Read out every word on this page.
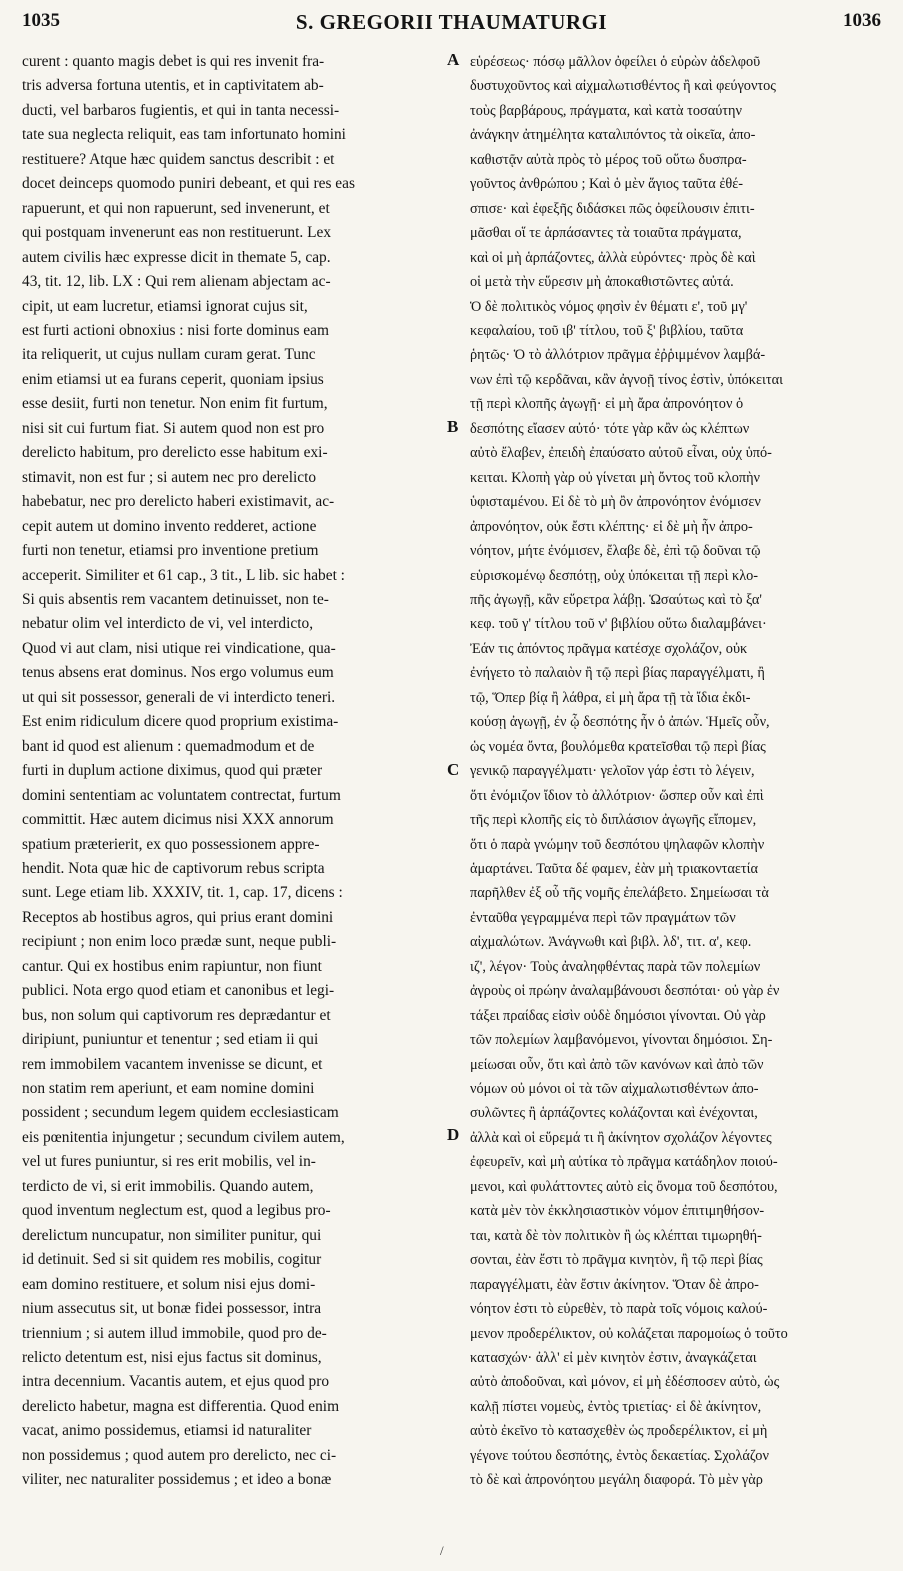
1035	S. GREGORII THAUMATURGI	1036
curent : quanto magis debet is qui res invenit fra-
tris adversa fortuna utentis, et in captivitatem ab-
ducti, vel barbaros fugientis, et qui in tanta necessi-
tate sua neglecta reliquit, eas tam infortunato homini
restituere? Atque hæc quidem sanctus describit : et
docet deinceps quomodo puniri debeant, et qui res eas
rapuerunt, et qui non rapuerunt, sed invenerunt, et
qui postquam invenerunt eas non restituerunt. Lex
autem civilis hæc expresse dicit in themate 5, cap.
43, tit. 12, lib. LX : Qui rem alienam abjectam ac-
cipit, ut eam lucretur, etiamsi ignorat cujus sit,
est furti actioni obnoxius : nisi forte dominus eam
ita reliquerit, ut cujus nullam curam gerat. Tunc
enim etiamsi ut ea furans ceperit, quoniam ipsius
esse desiit, furti non tenetur. Non enim fit furtum,
nisi sit cui furtum fiat. Si autem quod non est pro
derelicto habitum, pro derelicto esse habitum exi-
stimavit, non est fur ; si autem nec pro derelicto
habebatur, nec pro derelicto haberi existimavit, ac-
cepit autem ut domino invento redderet, actione
furti non tenetur, etiamsi pro inventione pretium
acceperit. Similiter et 61 cap., 3 tit., L lib. sic habet :
Si quis absentis rem vacantem detinuisset, non te-
nebatur olim vel interdicto de vi, vel interdicto,
Quod vi aut clam, nisi utique rei vindicatione, qua-
tenus absens erat dominus. Nos ergo volumus eum
ut qui sit possessor, generali de vi interdicto teneri.
Est enim ridiculum dicere quod proprium existima-
bant id quod est alienum : quemadmodum et de
furti in duplum actione diximus, quod qui præter
domini sententiam ac voluntatem contrectat, furtum
committit. Hæc autem dicimus nisi XXX annorum
spatium præterierit, ex quo possessionem appre-
hendit. Nota quæ hic de captivorum rebus scripta
sunt. Lege etiam lib. XXXIV, tit. 1, cap. 17, dicens :
Receptos ab hostibus agros, qui prius erant domini
recipiunt ; non enim loco prædæ sunt, neque publi-
cantur. Qui ex hostibus enim rapiuntur, non fiunt
publici. Nota ergo quod etiam et canonibus et legi-
bus, non solum qui captivorum res deprædantur et
diripiunt, puniuntur et tenentur ; sed etiam ii qui
rem immobilem vacantem invenisse se dicunt, et
non statim rem aperiunt, et eam nomine domini
possident ; secundum legem quidem ecclesiasticam
eis pœnitentia injungetur ; secundum civilem autem,
vel ut fures puniuntur, si res erit mobilis, vel in-
terdicto de vi, si erit immobilis. Quando autem,
quod inventum neglectum est, quod a legibus pro-
derelictum nuncupatur, non similiter punitur, qui
id detinuit. Sed si sit quidem res mobilis, cogitur
eam domino restituere, et solum nisi ejus domi-
nium assecutus sit, ut bonæ fidei possessor, intra
triennium ; si autem illud immobile, quod pro de-
relicto detentum est, nisi ejus factus sit dominus,
intra decennium. Vacantis autem, et ejus quod pro
derelicto habetur, magna est differentia. Quod enim
vacat, animo possidemus, etiamsi id naturaliter
non possidemus ; quod autem pro derelicto, nec ci-
viliter, nec naturaliter possidemus ; et ideo a bonæ
εὑρέσεως· πόσῳ μᾶλλον ὀφείλει ὁ εὑρὼν ἀδελφοῦ
δυστυχοῦντος καὶ αἰχμαλωτισθέντος ἢ καὶ φεύγοντος
τοὺς βαρβάρους, πράγματα, καὶ κατὰ τοσαύτην
ἀνάγκην ἀτημέλητα καταλιπόντος τὰ οἰκεῖα, ἀπο-
καθιστᾷν αὐτὰ πρὸς τὸ μέρος τοῦ οὕτω δυσπρα-
γοῦντος ἀνθρώπου ; Καὶ ὁ μὲν ἅγιος ταῦτα ἐθέ-
σπισε· καὶ ἐφεξῆς διδάσκει πῶς ὀφείλουσιν ἐπιτι-
μᾶσθαι οἵ τε ἁρπάσαντες τὰ τοιαῦτα πράγματα,
καὶ οἱ μὴ ἁρπάζοντες, ἀλλὰ εὑρόντες· πρὸς δὲ καὶ
οἱ μετὰ τὴν εὕρεσιν μὴ ἀποκαθιστῶντες αὐτά.
Ὁ δὲ πολιτικὸς νόμος φησὶν ἐν θέματι ε', τοῦ μγ'
κεφαλαίου, τοῦ ιβ' τίτλου, τοῦ ξ' βιβλίου, ταῦτα
ῥητῶς· Ὁ τὸ ἀλλότριον πρᾶγμα ἐῤῥιμμένον λαμβά-
νων ἐπὶ τῷ κερδᾶναι, κἂν ἀγνοῇ τίνος ἐστὶν, ὑπόκειται
τῇ περὶ κλοπῆς ἀγωγῇ· εἰ μὴ ἄρα ἀπρονόητον ὁ
δεσπότης εἴασεν αὐτό· τότε γὰρ κἂν ὡς κλέπτων
αὐτὸ ἔλαβεν, ἐπειδὴ ἐπαύσατο αὐτοῦ εἶναι, οὐχ ὑπό-
κειται. Κλοπὴ γὰρ οὐ γίνεται μὴ ὄντος τοῦ κλοπὴν
ὑφισταμένου. Εἰ δὲ τὸ μὴ ὂν ἀπρονόητον ἐνόμισεν
ἀπρονόητον, οὐκ ἔστι κλέπτης· εἰ δὲ μὴ ἦν ἀπρο-
νόητον, μήτε ἐνόμισεν, ἔλαβε δὲ, ἐπὶ τῷ δοῦναι τῷ
εὑρισκομένῳ δεσπότῃ, οὐχ ὑπόκειται τῇ περὶ κλο-
πῆς ἀγωγῇ, κἂν εὕρετρα λάβῃ. Ὡσαύτως καὶ τὸ ξα'
κεφ. τοῦ γ' τίτλου τοῦ ν' βιβλίου οὕτω διαλαμβάνει·
Ἐάν τις ἀπόντος πρᾶγμα κατέσχε σχολάζον, οὐκ
ἐνήγετο τὸ παλαιὸν ἢ τῷ περὶ βίας παραγγέλματι, ἢ
τῷ, Ὅπερ βίᾳ ἢ λάθρα, εἰ μὴ ἄρα τῇ τὰ ἴδια ἐκδι-
κούσῃ ἀγωγῇ, ἐν ᾧ δεσπότης ἦν ὁ ἀπών. Ἡμεῖς οὖν,
ὡς νομέα ὄντα, βουλόμεθα κρατεῖσθαι τῷ περὶ βίας
γενικῷ παραγγέλματι· γελοῖον γάρ ἐστι τὸ λέγειν,
ὅτι ἐνόμιζον ἴδιον τὸ ἀλλότριον· ὥσπερ οὖν καὶ ἐπὶ
τῆς περὶ κλοπῆς εἰς τὸ διπλάσιον ἀγωγῆς εἴπομεν,
ὅτι ὁ παρὰ γνώμην τοῦ δεσπότου ψηλαφῶν κλοπὴν
ἁμαρτάνει. Ταῦτα δέ φαμεν, ἐὰν μὴ τριακονταετία
παρῆλθεν ἐξ οὗ τῆς νομῆς ἐπελάβετο. Σημείωσαι τὰ
ἐνταῦθα γεγραμμένα περὶ τῶν πραγμάτων τῶν
αἰχμαλώτων. Ἀνάγνωθι καὶ βιβλ. λδ', τιτ. α', κεφ.
ιζ', λέγον· Τοὺς ἀναληφθέντας παρὰ τῶν πολεμίων
ἀγροὺς οἱ πρώην ἀναλαμβάνουσι δεσπόται· οὐ γὰρ ἐν
τάξει πραίδας εἰσὶν οὐδὲ δημόσιοι γίνονται. Οὐ γὰρ
τῶν πολεμίων λαμβανόμενοι, γίνονται δημόσιοι. Ση-
μείωσαι οὖν, ὅτι καὶ ἀπὸ τῶν κανόνων καὶ ἀπὸ τῶν
νόμων οὐ μόνοι οἱ τὰ τῶν αἰχμαλωτισθέντων ἀπο-
συλῶντες ἢ ἁρπάζοντες κολάζονται καὶ ἐνέχονται,
ἀλλὰ καὶ οἱ εὕρεμά τι ἢ ἀκίνητον σχολάζον λέγοντες
ἐφευρεῖν, καὶ μὴ αὐτίκα τὸ πρᾶγμα κατάδηλον ποιού-
μενοι, καὶ φυλάττοντες αὐτὸ εἰς ὄνομα τοῦ δεσπότου,
κατὰ μὲν τὸν ἐκκλησιαστικὸν νόμον ἐπιτιμηθήσον-
ται, κατὰ δὲ τὸν πολιτικὸν ἢ ὡς κλέπται τιμωρηθή-
σονται, ἐὰν ἔστι τὸ πρᾶγμα κινητὸν, ἢ τῷ περὶ βίας
παραγγέλματι, ἐὰν ἔστιν ἀκίνητον. Ὅταν δὲ ἀπρο-
νόητον ἐστι τὸ εὑρεθὲν, τὸ παρὰ τοῖς νόμοις καλού-
μενον προδερέλικτον, οὐ κολάζεται παρομοίως ὁ τοῦτο
κατασχών· ἀλλ' εἰ μὲν κινητὸν ἐστιν, ἀναγκάζεται
αὐτὸ ἀποδοῦναι, καὶ μόνον, εἰ μὴ ἐδέσποσεν αὐτὸ, ὡς
καλῇ πίστει νομεὺς, ἐντὸς τριετίας· εἰ δὲ ἀκίνητον,
αὐτὸ ἐκεῖνο τὸ κατασχεθὲν ὡς προδερέλικτον, εἰ μὴ
γέγονε τούτου δεσπότης, ἐντὸς δεκαετίας. Σχολάζον
τὸ δὲ καὶ ἀπρονόητου μεγάλη διαφορά. Τὸ μὲν γὰρ
A
B
C
D
/
